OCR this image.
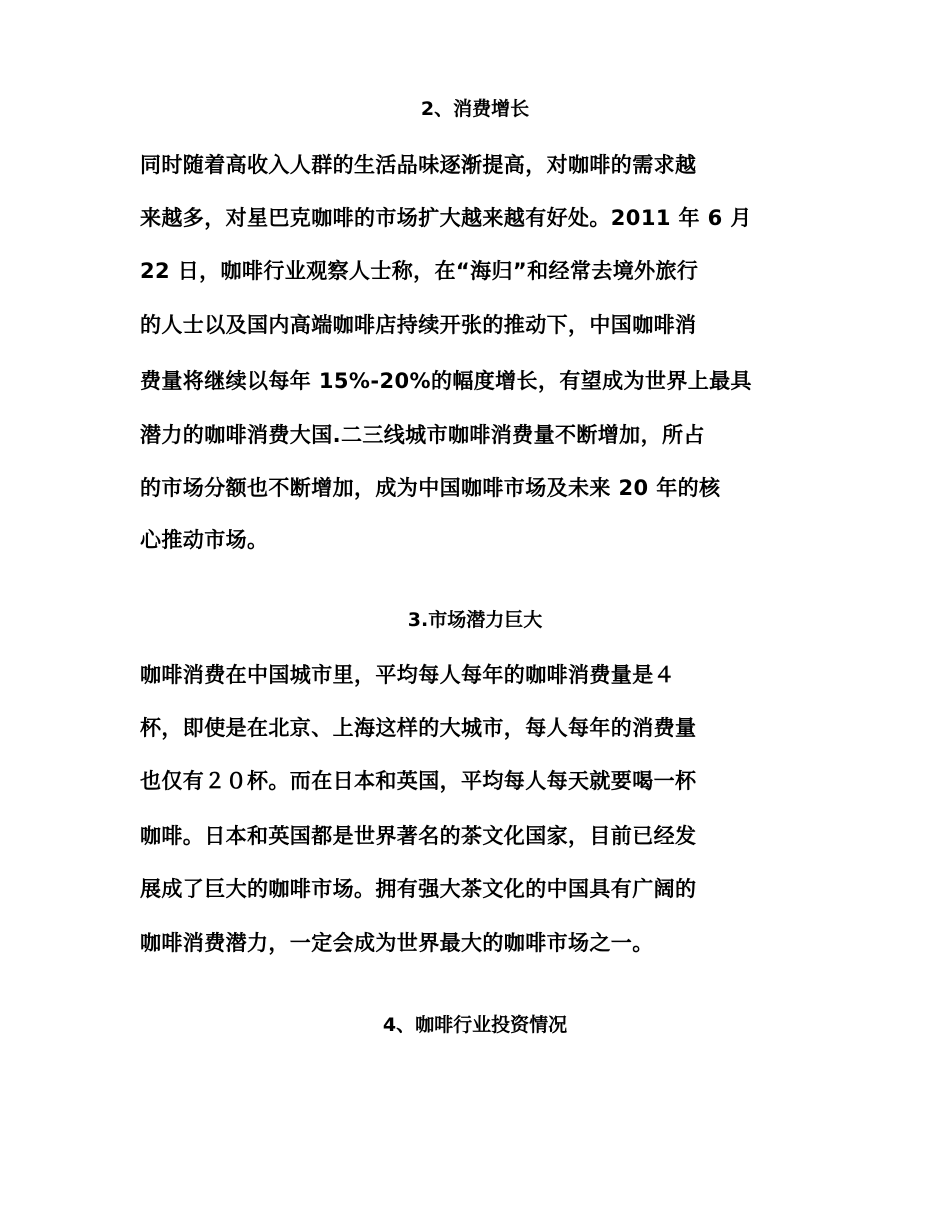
2、消费增长
同时随着高收入人群的生活品味逐渐提高，对咖啡的需求越
来越多，对星巴克咖啡的市场扩大越来越有好处。2011 年 6 月
22 日，咖啡行业观察人士称，在“海归”和经常去境外旅行
的人士以及国内高端咖啡店持续开张的推动下，中国咖啡消
费量将继续以每年 15%-20%的幅度增长，有望成为世界上最具
潜力的咖啡消费大国.二三线城市咖啡消费量不断增加，所占
的市场分额也不断增加，成为中国咖啡市场及未来 20 年的核
心推动市场。
3.市场潜力巨大
咖啡消费在中国城市里，平均每人每年的咖啡消费量是４
杯，即使是在北京、上海这样的大城市，每人每年的消费量
也仅有２０杯。而在日本和英国，平均每人每天就要喝一杯
咖啡。日本和英国都是世界著名的茶文化国家，目前已经发
展成了巨大的咖啡市场。拥有强大茶文化的中国具有广阔的
咖啡消费潜力，一定会成为世界最大的咖啡市场之一。
4、咖啡行业投资情况
